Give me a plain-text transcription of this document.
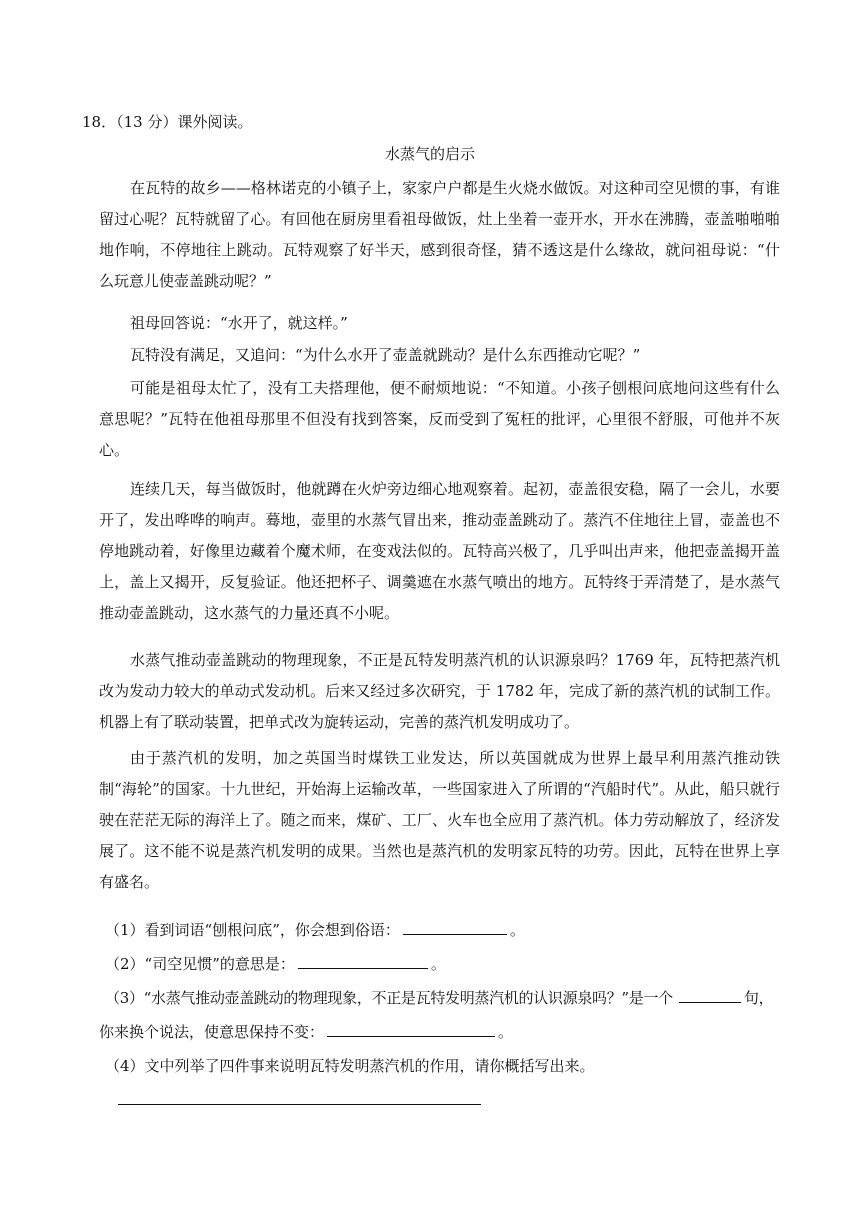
18．（13 分）课外阅读。
水蒸气的启示
在瓦特的故乡——格林诺克的小镇子上，家家户户都是生火烧水做饭。对这种司空见惯的事，有谁留过心呢？瓦特就留了心。有回他在厨房里看祖母做饭，灶上坐着一壶开水，开水在沸腾，壶盖啪啪啪地作响，不停地往上跳动。瓦特观察了好半天，感到很奇怪，猜不透这是什么缘故，就问祖母说：“什么玩意儿使壶盖跳动呢？”
祖母回答说：“水开了，就这样。”
瓦特没有满足，又追问：“为什么水开了壶盖就跳动？是什么东西推动它呢？”
可能是祖母太忙了，没有工夫搭理他，便不耐烦地说：“不知道。小孩子刨根问底地问这些有什么意思呢？”瓦特在他祖母那里不但没有找到答案，反而受到了冤枉的批评，心里很不舒服，可他并不灰心。
连续几天，每当做饭时，他就蹲在火炉旁边细心地观察着。起初，壶盖很安稳，隔了一会儿，水要开了，发出哗哗的响声。蓦地，壶里的水蒸气冒出来，推动壶盖跳动了。蒸汽不住地往上冒，壶盖也不停地跳动着，好像里边藏着个魔术师，在变戏法似的。瓦特高兴极了，几乎叫出声来，他把壶盖揭开盖上，盖上又揭开，反复验证。他还把杯子、调羹遮在水蒸气喷出的地方。瓦特终于弄清楚了，是水蒸气推动壶盖跳动，这水蒸气的力量还真不小呢。
水蒸气推动壶盖跳动的物理现象，不正是瓦特发明蒸汽机的认识源泉吗？1769 年，瓦特把蒸汽机改为发动力较大的单动式发动机。后来又经过多次研究，于 1782 年，完成了新的蒸汽机的试制工作。机器上有了联动装置，把单式改为旋转运动，完善的蒸汽机发明成功了。
由于蒸汽机的发明，加之英国当时煤铁工业发达，所以英国就成为世界上最早利用蒸汽推动铁制“海轮”的国家。十九世纪，开始海上运输改革，一些国家进入了所谓的“汽船时代”。从此，船只就行驶在茫茫无际的海洋上了。随之而来，煤矿、工厂、火车也全应用了蒸汽机。体力劳动解放了，经济发展了。这不能不说是蒸汽机发明的成果。当然也是蒸汽机的发明家瓦特的功劳。因此，瓦特在世界上享有盛名。
（1）看到词语“刨根问底”，你会想到俗语：	。
（2）“司空见惯”的意思是：	。
（3）“水蒸气推动壶盖跳动的物理现象，不正是瓦特发明蒸汽机的认识源泉吗？”是一个	句，
你来换个说法，使意思保持不变：	。
（4）文中列举了四件事来说明瓦特发明蒸汽机的作用，请你概括写出来。
